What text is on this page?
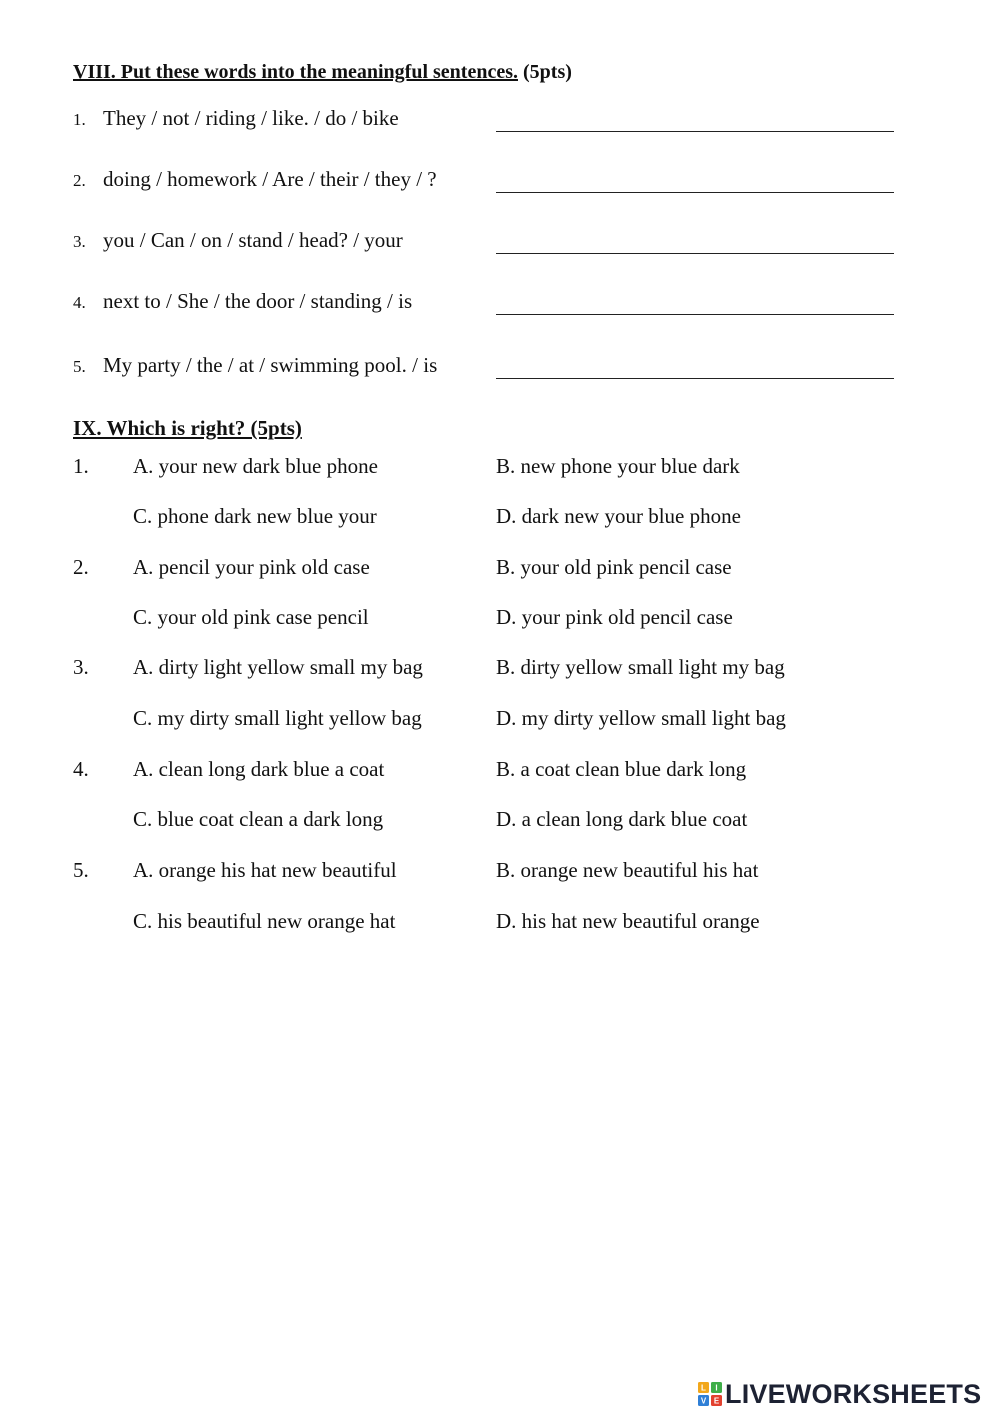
VIII. Put these words into the meaningful sentences. (5pts)
1. They / not / riding / like. / do / bike
2. doing / homework / Are / their / they / ?
3. you / Can / on / stand / head? / your
4. next to / She / the door / standing / is
5. My party / the / at / swimming pool. / is
IX. Which is right? (5pts)
1. A. your new dark blue phone	B. new phone your blue dark
C. phone dark new blue your	D. dark new your blue phone
2. A. pencil your pink old case	B. your old pink pencil case
C. your old pink case pencil	D. your pink old pencil case
3. A. dirty light yellow small my bag	B. dirty yellow small light my bag
C. my dirty small light yellow bag	D. my dirty yellow small light bag
4. A. clean long dark blue a coat	B. a coat clean blue dark long
C. blue coat clean a dark long	D. a clean long dark blue coat
5. A. orange his hat new beautiful	B. orange new beautiful his hat
C. his beautiful new orange hat	D. his hat new beautiful orange
L I
V E LIVEWORKSHEETS
